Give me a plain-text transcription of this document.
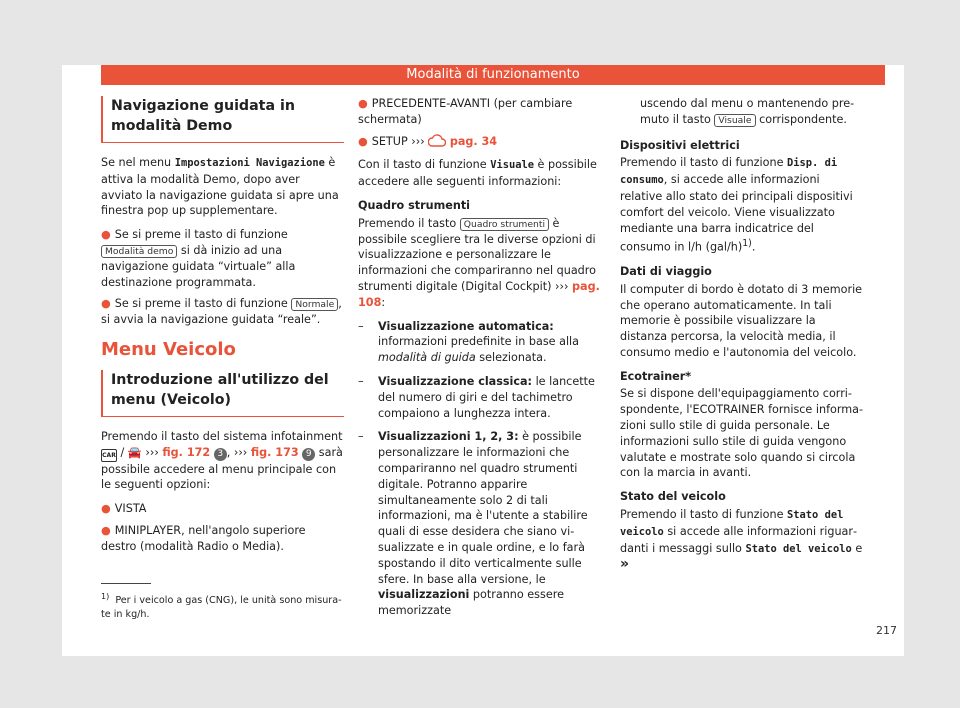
Modalità di funzionamento
Navigazione guidata in modalità Demo

Se nel menu Impostazioni Navigazione è attiva la modalità Demo, dopo aver avviato la navigazione guidata si apre una finestra pop up supplementare.

● Se si preme il tasto di funzione Modalità demo si dà inizio ad una navigazione guidata “virtuale” alla destinazione programmata.

● Se si preme il tasto di funzione Normale , si avvia la navigazione guidata “reale”.

Menu Veicolo
Introduzione all'utilizzo del menu (Veicolo)

Premendo il tasto del sistema infotainment CAR / 🚘 ››› fig. 172 3 , ››› fig. 173 9 sarà possibile accedere al menu principale con le seguenti opzioni:

● VISTA

● MINIPLAYER, nell'angolo superiore destro (modalità Radio o Media).

$^{1)}$ Per i veicolo a gas (CNG), le unità sono misurate in kg/h.

● PRECEDENTE-AVANTI (per cambiare schermata)

● SETUP ›››  pag. 34

Con il tasto di funzione Visuale è possibile accedere alle seguenti informazioni:

Quadro strumenti

Premendo il tasto Quadro strumenti è possibile scegliere tra le diverse opzioni di visualizzazione e personalizzare le informazioni che compariranno nel quadro strumenti digitale (Digital Cockpit) ››› pag. 108:

– Visualizzazione automatica: informazioni predefinite in base alla modalità di guida selezionata.
– Visualizzazione classica: le lancette del numero di giri e del tachimetro compaiono a lunghezza intera.
– Visualizzazioni 1, 2, 3: è possibile personalizzare le informazioni che compariranno nel quadro strumenti digitale. Potranno apparire simultaneamente solo 2 di tali informazioni, ma è l'utente a stabilire quali di esse desidera che siano visualizzate e in quale ordine, e lo farà spostando il dito verticalmente sulle sfere. In base alla versione, le visualizzazioni potranno essere memorizzate
uscendo dal menu o mantenendo premuto il tasto Visuale corrispondente.
Dispositivi elettrici

Premendo il tasto di funzione Disp. di consumo, si accede alle informazioni relative allo stato dei principali dispositivi comfort del veicolo. Viene visualizzato mediante una barra indicatrice del consumo in l/h $(gal/h)^{1)}$.

Dati di viaggio

Il computer di bordo è dotato di 3 memorie che operano automaticamente. In tali memorie è possibile visualizzare la distanza percorsa, la velocità media, il consumo medio e l'autonomia del veicolo.

Ecotrainer*

Se si dispone dell'equipaggiamento corrispondente, l'ECOTRAINER fornisce informazioni sullo stile di guida personale. Le informazioni sullo stile di guida vengono valutate e mostrate solo quando si circola con la marcia in avanti.

Stato del veicolo

Premendo il tasto di funzione Stato del veicolo si accede alle informazioni riguardanti i messaggi sullo Stato del veicolo e »

217
